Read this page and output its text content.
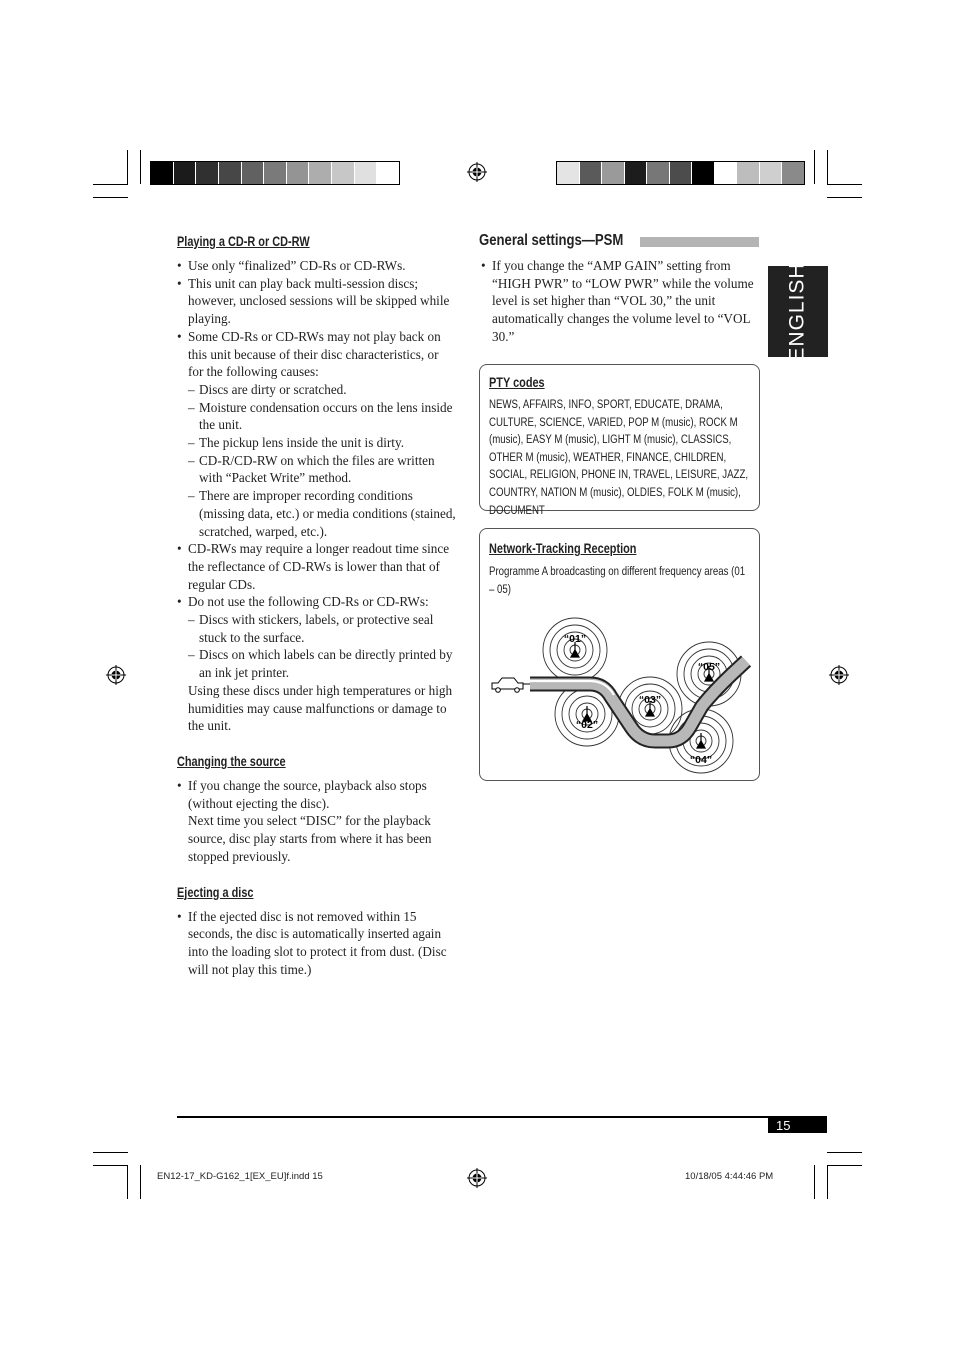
ENGLISH
Playing a CD-R or CD-RW
• Use only “finalized” CD-Rs or CD-RWs.
• This unit can play back multi-session discs; however, unclosed sessions will be skipped while playing.
• Some CD-Rs or CD-RWs may not play back on this unit because of their disc characteristics, or for the following causes:
– Discs are dirty or scratched.
– Moisture condensation occurs on the lens inside the unit.
– The pickup lens inside the unit is dirty.
– CD-R/CD-RW on which the files are written with “Packet Write” method.
– There are improper recording conditions (missing data, etc.) or media conditions (stained, scratched, warped, etc.).
• CD-RWs may require a longer readout time since the reflectance of CD-RWs is lower than that of regular CDs.
• Do not use the following CD-Rs or CD-RWs:
– Discs with stickers, labels, or protective seal stuck to the surface.
– Discs on which labels can be directly printed by an ink jet printer.
Using these discs under high temperatures or high humidities may cause malfunctions or damage to the unit.
Changing the source
• If you change the source, playback also stops (without ejecting the disc).
Next time you select “DISC” for the playback source, disc play starts from where it has been stopped previously.
Ejecting a disc
• If the ejected disc is not removed within 15 seconds, the disc is automatically inserted again into the loading slot to protect it from dust. (Disc will not play this time.)
General settings—PSM
• If you change the “AMP GAIN” setting from “HIGH PWR” to “LOW PWR” while the volume level is set higher than “VOL 30,” the unit automatically changes the volume level to “VOL 30.”
PTY codes
NEWS, AFFAIRS, INFO, SPORT, EDUCATE, DRAMA, CULTURE, SCIENCE, VARIED, POP M (music), ROCK M (music), EASY M (music), LIGHT M (music), CLASSICS, OTHER M (music), WEATHER, FINANCE, CHILDREN, SOCIAL, RELIGION, PHONE IN, TRAVEL, LEISURE, JAZZ, COUNTRY, NATION M (music), OLDIES, FOLK M (music), DOCUMENT
Network-Tracking Reception
Programme A broadcasting on different frequency areas (01 – 05)
“01”
“02”
“03”
“04”
“05”
15
EN12-17_KD-G162_1[EX_EU]f.indd 15	10/18/05 4:44:46 PM
